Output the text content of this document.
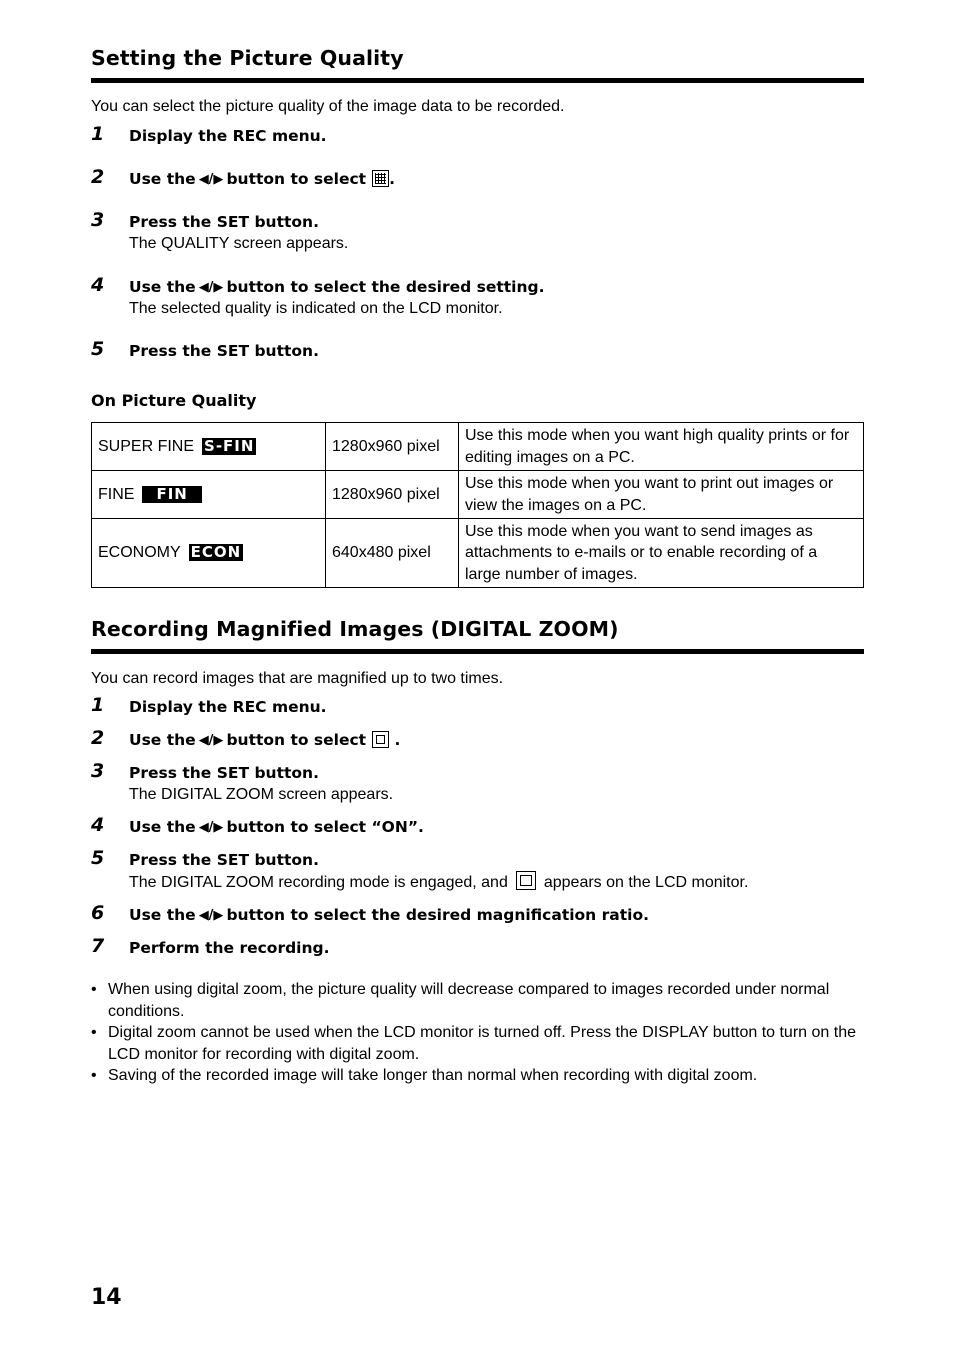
Setting the Picture Quality
You can select the picture quality of the image data to be recorded.
1 Display the REC menu.
2 Use the ◀/▶ button to select .
3 Press the SET button.
The QUALITY screen appears.
4 Use the ◀/▶ button to select the desired setting.
The selected quality is indicated on the LCD monitor.
5 Press the SET button.
On Picture Quality
SUPER FINE S-FIN	1280x960 pixel	Use this mode when you want high quality prints or for editing images on a PC.
FINEFIN	1280x960 pixel	Use this mode when you want to print out images or view the images on a PC.
ECONOMY ECON	640x480 pixel	Use this mode when you want to send images as attachments to e-mails or to enable recording of a large number of images.
Recording Magnified Images (DIGITAL ZOOM)
You can record images that are magnified up to two times.
1 Display the REC menu.
2 Use the ◀/▶ button to select .
3 Press the SET button.
The DIGITAL ZOOM screen appears.
4 Use the ◀/▶ button to select “ON”.
5 Press the SET button.
The DIGITAL ZOOM recording mode is engaged, and appears on the LCD monitor.
6 Use the ◀/▶ button to select the desired magnification ratio.
7 Perform the recording.
• When using digital zoom, the picture quality will decrease compared to images recorded under normal conditions.
• Digital zoom cannot be used when the LCD monitor is turned off. Press the DISPLAY button to turn on the LCD monitor for recording with digital zoom.
• Saving of the recorded image will take longer than normal when recording with digital zoom.
14
